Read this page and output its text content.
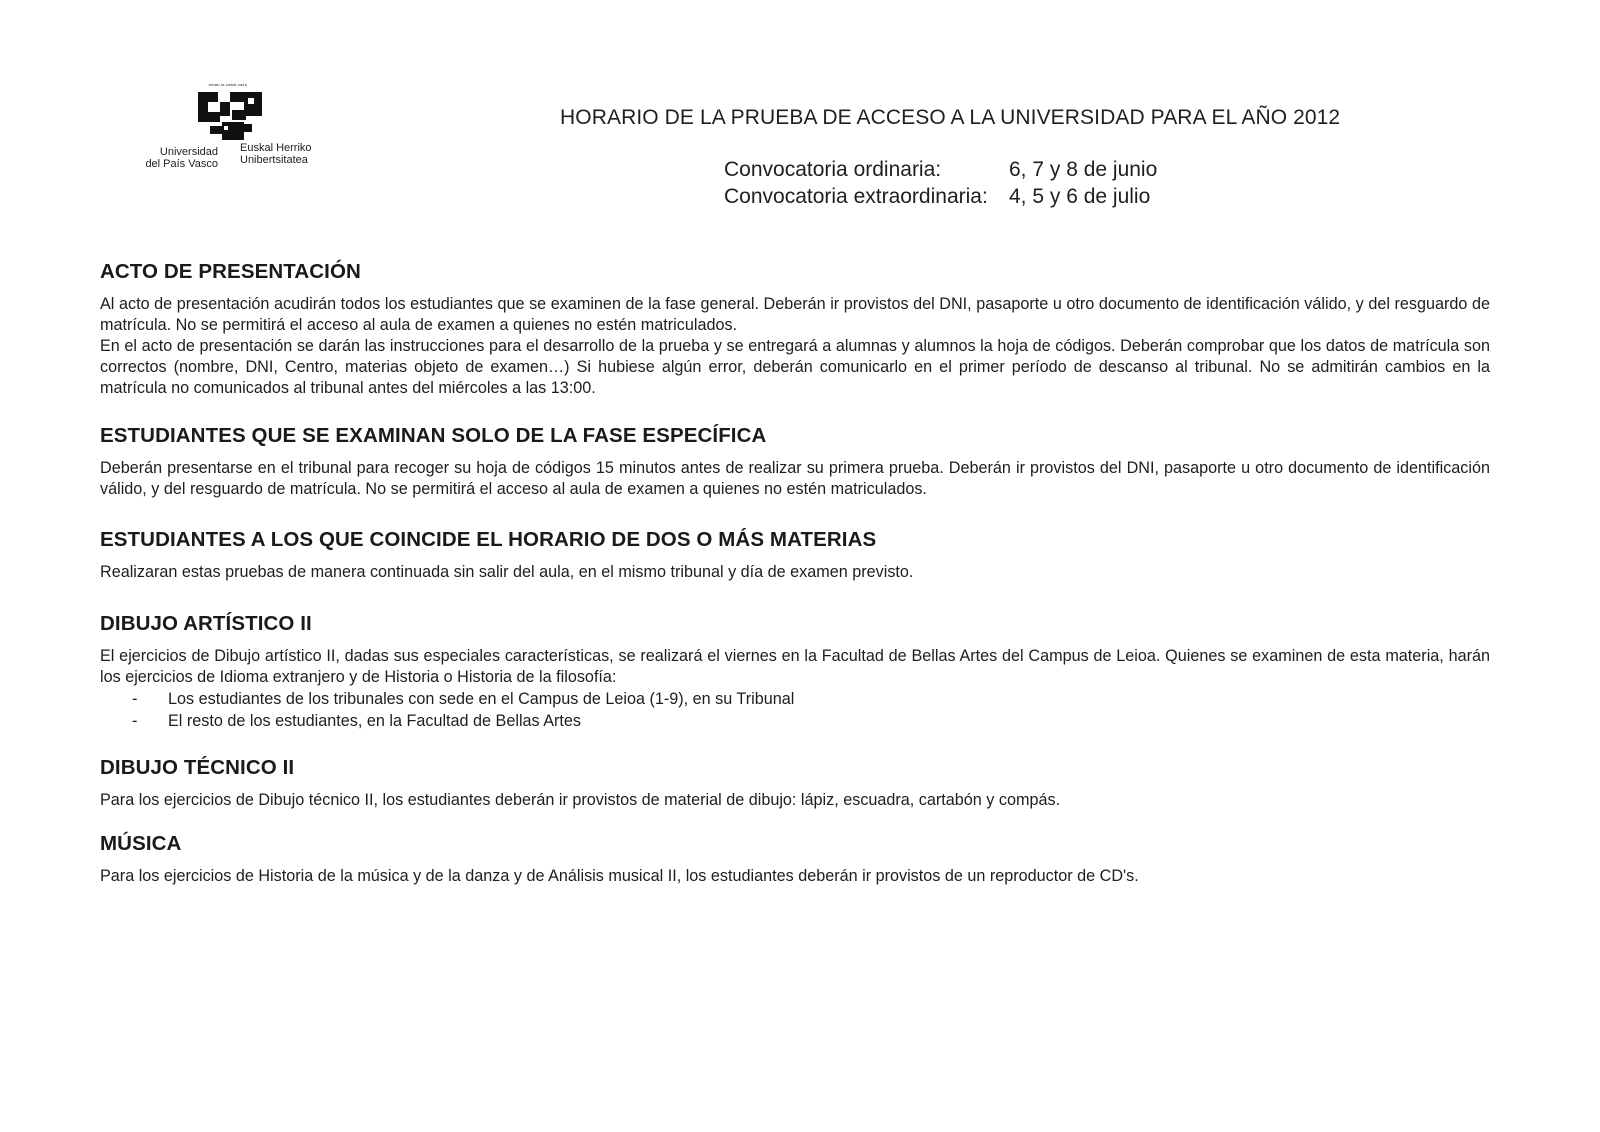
eman ta zabal zazu
Universidad
del País Vasco
Euskal Herriko
Unibertsitatea
HORARIO DE LA PRUEBA DE ACCESO A LA UNIVERSIDAD PARA EL AÑO 2012
Convocatoria ordinaria:	6, 7 y 8 de junio
Convocatoria extraordinaria:	4, 5 y 6 de julio
ACTO DE PRESENTACIÓN

Al acto de presentación acudirán todos los estudiantes que se examinen de la fase general. Deberán ir provistos del DNI, pasaporte u otro documento de identificación válido, y del resguardo de matrícula. No se permitirá el acceso al aula de examen a quienes no estén matriculados.

En el acto de presentación se darán las instrucciones para el desarrollo de la prueba y se entregará a alumnas y alumnos la hoja de códigos. Deberán comprobar que los datos de matrícula son correctos (nombre, DNI, Centro, materias objeto de examen…) Si hubiese algún error, deberán comunicarlo en el primer período de descanso al tribunal. No se admitirán cambios en la matrícula no comunicados al tribunal antes del miércoles a las 13:00.

ESTUDIANTES QUE SE EXAMINAN SOLO DE LA FASE ESPECÍFICA

Deberán presentarse en el tribunal para recoger su hoja de códigos 15 minutos antes de realizar su primera prueba. Deberán ir provistos del DNI, pasaporte u otro documento de identificación válido, y del resguardo de matrícula. No se permitirá el acceso al aula de examen a quienes no estén matriculados.

ESTUDIANTES A LOS QUE COINCIDE EL HORARIO DE DOS O MÁS MATERIAS

Realizaran estas pruebas de manera continuada sin salir del aula, en el mismo tribunal y día de examen previsto.

DIBUJO ARTÍSTICO II

El ejercicios de Dibujo artístico II, dadas sus especiales características, se realizará el viernes en la Facultad de Bellas Artes del Campus de Leioa. Quienes se examinen de esta materia, harán los ejercicios de Idioma extranjero y de Historia o Historia de la filosofía:

- Los estudiantes de los tribunales con sede en el Campus de Leioa (1-9), en su Tribunal
- El resto de los estudiantes, en la Facultad de Bellas Artes
DIBUJO TÉCNICO II

Para los ejercicios de Dibujo técnico II, los estudiantes deberán ir provistos de material de dibujo: lápiz, escuadra, cartabón y compás.

MÚSICA

Para los ejercicios de Historia de la música y de la danza y de Análisis musical II, los estudiantes deberán ir provistos de un reproductor de CD's.
